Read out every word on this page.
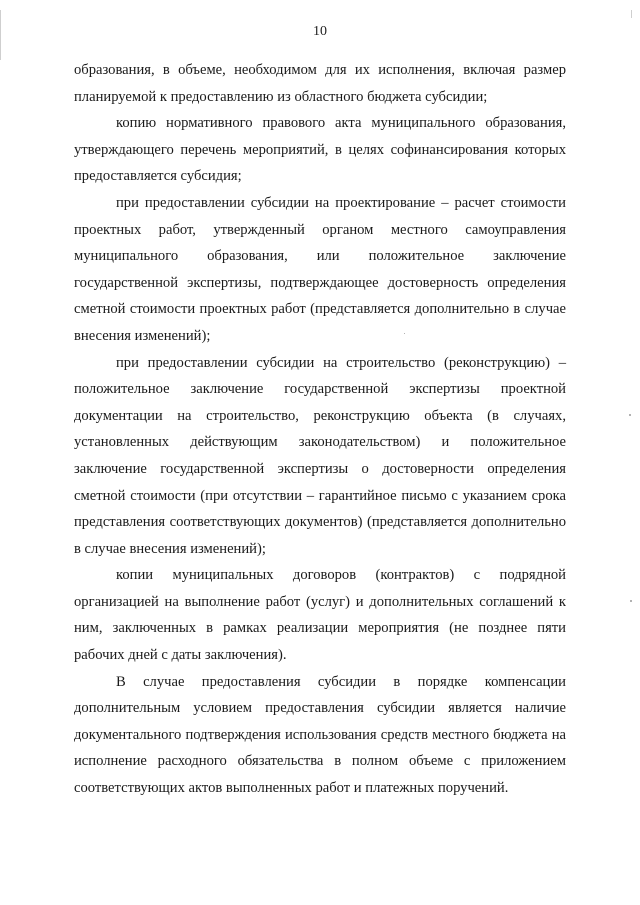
10

образования, в объеме, необходимом для их исполнения, включая размер планируемой к предоставлению из областного бюджета субсидии;

копию нормативного правового акта муниципального образования, утверждающего перечень мероприятий, в целях софинансирования которых предоставляется субсидия;

при предоставлении субсидии на проектирование – расчет стоимости проектных работ, утвержденный органом местного самоуправления муниципального образования, или положительное заключение государственной экспертизы, подтверждающее достоверность определения сметной стоимости проектных работ (представляется дополнительно в случае внесения изменений);

при предоставлении субсидии на строительство (реконструкцию) – положительное заключение государственной экспертизы проектной документации на строительство, реконструкцию объекта (в случаях, установленных действующим законодательством) и положительное заключение государственной экспертизы о достоверности определения сметной стоимости (при отсутствии – гарантийное письмо с указанием срока представления соответствующих документов) (представляется дополнительно в случае внесения изменений);

копии муниципальных договоров (контрактов) с подрядной организацией на выполнение работ (услуг) и дополнительных соглашений к ним, заключенных в рамках реализации мероприятия (не позднее пяти рабочих дней с даты заключения).

В случае предоставления субсидии в порядке компенсации дополнительным условием предоставления субсидии является наличие документального подтверждения использования средств местного бюджета на исполнение расходного обязательства в полном объеме с приложением соответствующих актов выполненных работ и платежных поручений.
